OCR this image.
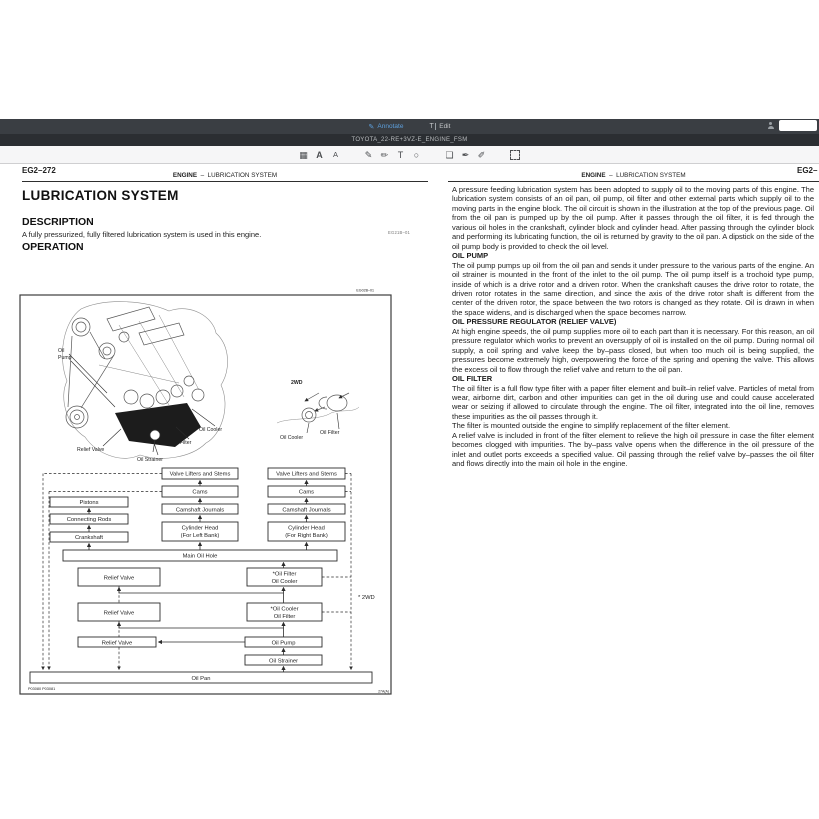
✎ Annotate	T Edit
TOYOTA_22-RE+3VZ-E_ENGINE_FSM
▦ A A	✎ ✏ T ○	❑ ✒ ✐
EG2–272
ENGINE – LUBRICATION SYSTEM
LUBRICATION SYSTEM
DESCRIPTION
A fully pressurized, fully filtered lubrication system is used in this engine.	EG21B–01
OPERATION
EG02B–01
Oil
Pump
Relief Valve
Oil Strainer
Oil Filter
Oil Cooler
2WD
Oil Cooler
Oil Filter
Valve Lifters and Stems	Valve Lifters and Stems
Cams	Cams
Pistons
Connecting Rods
Crankshaft
Camshaft Journals	Camshaft Journals
Cylinder Head
(For Left Bank)
Cylinder Head
(For Right Bank)
Main Oil Hole
Relief Valve
*Oil Filter
Oil Cooler
Relief Valve
*Oil Cooler
Oil Filter
Relief Valve	Oil Pump
Oil Strainer
Oil Pan
* 2WD
P03080 P03081
27A(A)
EG2–
ENGINE – LUBRICATION SYSTEM

A pressure feeding lubrication system has been adopted to supply oil to the moving parts of this engine. The lubrication system consists of an oil pan, oil pump, oil filter and other external parts which supply oil to the moving parts in the engine block. The oil circuit is shown in the illustration at the top of the previous page. Oil from the oil pan is pumped up by the oil pump. After it passes through the oil filter, it is fed through the various oil holes in the crankshaft, cylinder block and cylinder head. After passing through the cylinder block and performing its lubricating function, the oil is returned by gravity to the oil pan. A dipstick on the side of the oil pump body is provided to check the oil level.

OIL PUMP

The oil pump pumps up oil from the oil pan and sends it under pressure to the various parts of the engine. An oil strainer is mounted in the front of the inlet to the oil pump. The oil pump itself is a trochoid type pump, inside of which is a drive rotor and a driven rotor. When the crankshaft causes the drive rotor to rotate, the driven rotor rotates in the same direction, and since the axis of the drive rotor shaft is different from the center of the driven rotor, the space between the two rotors is changed as they rotate. Oil is drawn in when the space widens, and is discharged when the space becomes narrow.

OIL PRESSURE REGULATOR (RELIEF VALVE)

At high engine speeds, the oil pump supplies more oil to each part than it is necessary. For this reason, an oil pressure regulator which works to prevent an oversupply of oil is installed on the oil pump. During normal oil supply, a coil spring and valve keep the by–pass closed, but when too much oil is being supplied, the pressures become extremely high, overpowering the force of the spring and opening the valve. This allows the excess oil to flow through the relief valve and return to the oil pan.

OIL FILTER

The oil filter is a full flow type filter with a paper filter element and built–in relief valve. Particles of metal from wear, airborne dirt, carbon and other impurities can get in the oil during use and could cause accelerated wear or seizing if allowed to circulate through the engine. The oil filter, integrated into the oil line, removes these impurities as the oil passes through it.

The filter is mounted outside the engine to simplify replacement of the filter element.

A relief valve is included in front of the filter element to relieve the high oil pressure in case the filter element becomes clogged with impurities. The by–pass valve opens when the difference in the oil pressure of the inlet and outlet ports exceeds a specified value. Oil passing through the relief valve by–passes the oil filter and flows directly into the main oil hole in the engine.
